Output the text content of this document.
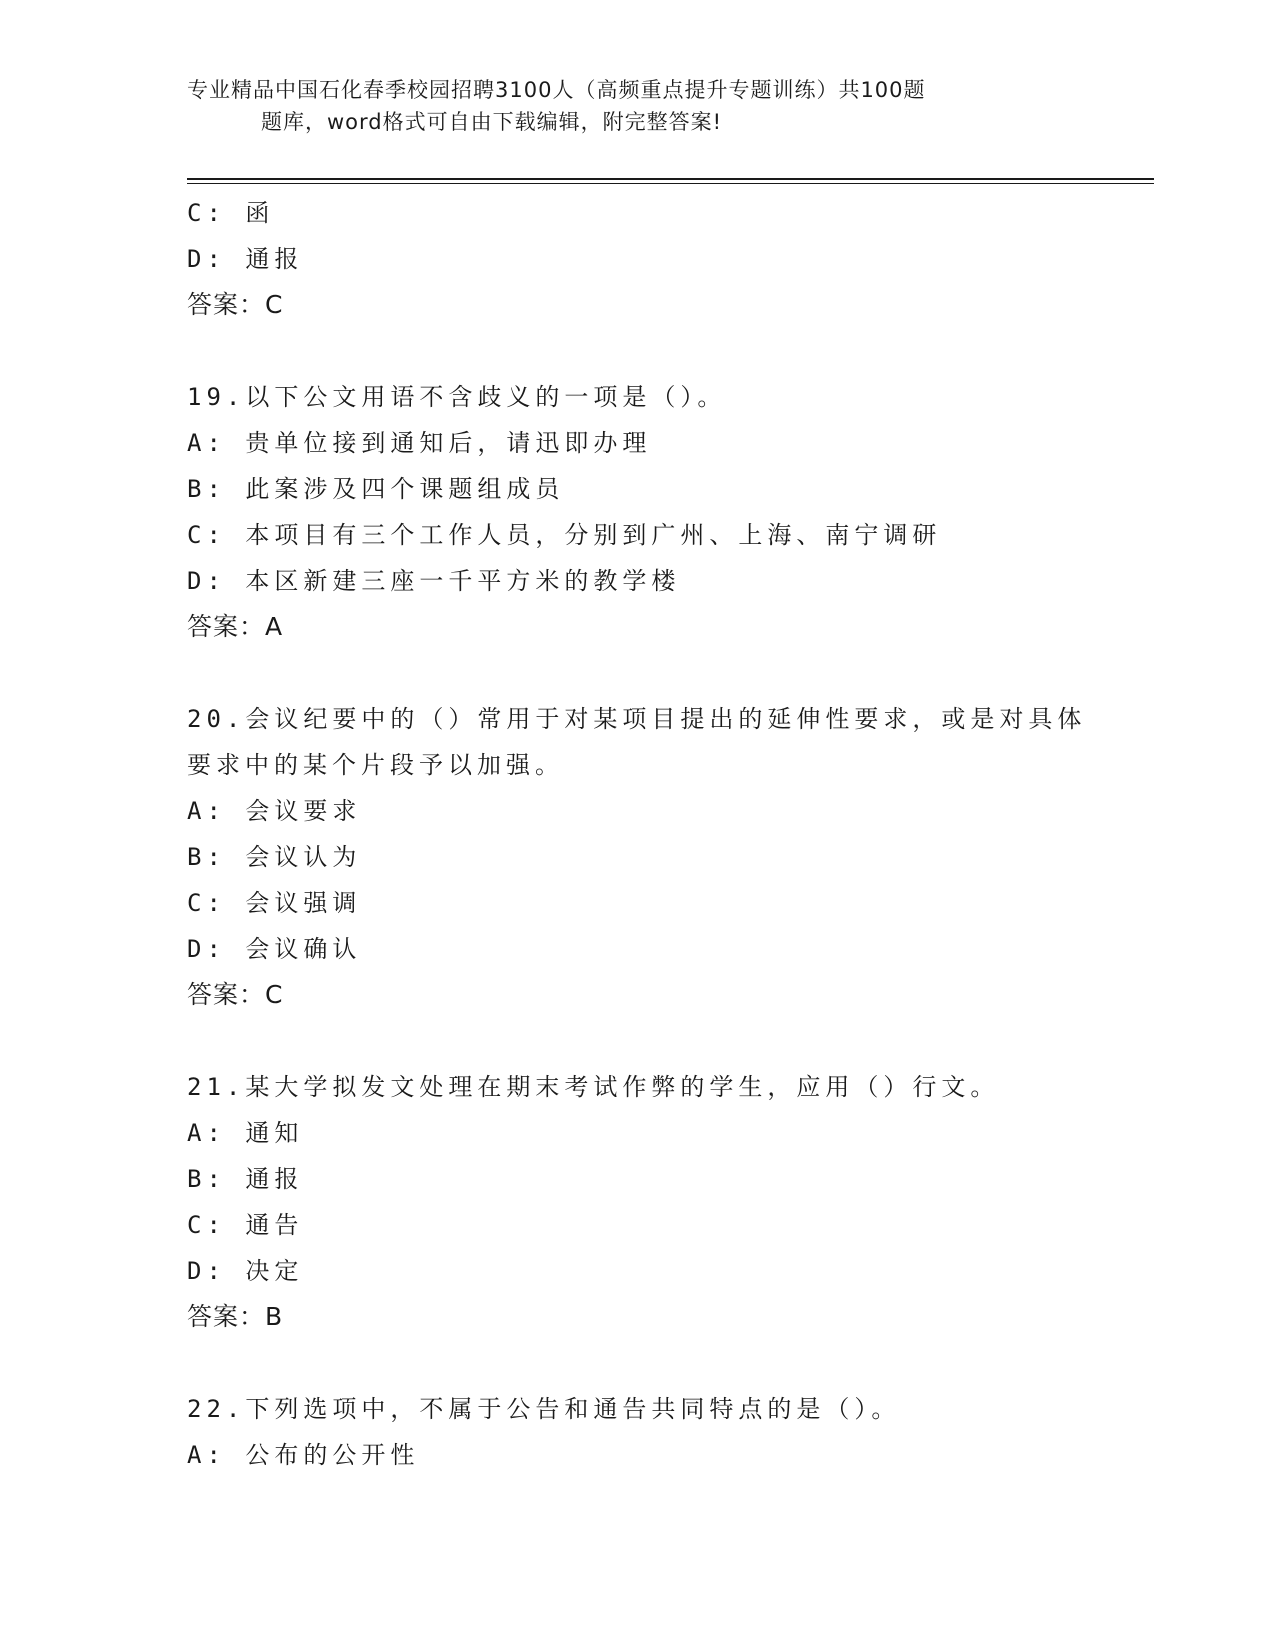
专业精品中国石化春季校园招聘3100人（高频重点提升专题训练）共100题
题库，word格式可自由下载编辑，附完整答案!
C: 函
D: 通报
答案：C
19.以下公文用语不含歧义的一项是（）。
A: 贵单位接到通知后，请迅即办理
B: 此案涉及四个课题组成员
C: 本项目有三个工作人员，分别到广州、上海、南宁调研
D: 本区新建三座一千平方米的教学楼
答案：A
20.会议纪要中的（）常用于对某项目提出的延伸性要求，或是对具体
要求中的某个片段予以加强。
A: 会议要求
B: 会议认为
C: 会议强调
D: 会议确认
答案：C
21.某大学拟发文处理在期末考试作弊的学生，应用（）行文。
A: 通知
B: 通报
C: 通告
D: 决定
答案：B
22.下列选项中，不属于公告和通告共同特点的是（）。
A: 公布的公开性
